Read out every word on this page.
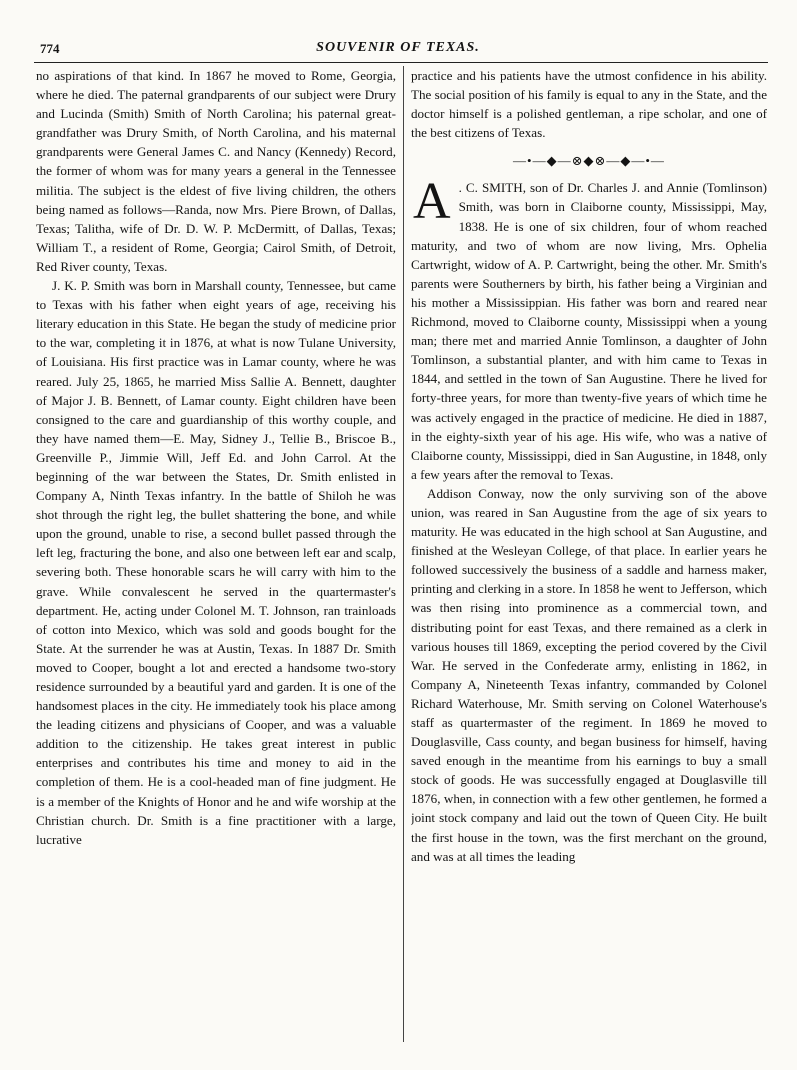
774	SOUVENIR OF TEXAS.

no aspirations of that kind. In 1867 he moved to Rome, Georgia, where he died. The paternal grandparents of our subject were Drury and Lucinda (Smith) Smith of North Carolina; his paternal great-grandfather was Drury Smith, of North Carolina, and his maternal grandparents were General James C. and Nancy (Kennedy) Record, the former of whom was for many years a general in the Tennessee militia. The subject is the eldest of five living children, the others being named as follows—Randa, now Mrs. Piere Brown, of Dallas, Texas; Talitha, wife of Dr. D. W. P. McDermitt, of Dallas, Texas; William T., a resident of Rome, Georgia; Cairol Smith, of Detroit, Red River county, Texas.

J. K. P. Smith was born in Marshall county, Tennessee, but came to Texas with his father when eight years of age, receiving his literary education in this State. He began the study of medicine prior to the war, completing it in 1876, at what is now Tulane University, of Louisiana. His first practice was in Lamar county, where he was reared. July 25, 1865, he married Miss Sallie A. Bennett, daughter of Major J. B. Bennett, of Lamar county. Eight children have been consigned to the care and guardianship of this worthy couple, and they have named them—E. May, Sidney J., Tellie B., Briscoe B., Greenville P., Jimmie Will, Jeff Ed. and John Carrol. At the beginning of the war between the States, Dr. Smith enlisted in Company A, Ninth Texas infantry. In the battle of Shiloh he was shot through the right leg, the bullet shattering the bone, and while upon the ground, unable to rise, a second bullet passed through the left leg, fracturing the bone, and also one between left ear and scalp, severing both. These honorable scars he will carry with him to the grave. While convalescent he served in the quartermaster's department. He, acting under Colonel M. T. Johnson, ran trainloads of cotton into Mexico, which was sold and goods bought for the State. At the surrender he was at Austin, Texas. In 1887 Dr. Smith moved to Cooper, bought a lot and erected a handsome two-story residence surrounded by a beautiful yard and garden. It is one of the handsomest places in the city. He immediately took his place among the leading citizens and physicians of Cooper, and was a valuable addition to the citizenship. He takes great interest in public enterprises and contributes his time and money to aid in the completion of them. He is a cool-headed man of fine judgment. He is a member of the Knights of Honor and he and wife worship at the Christian church. Dr. Smith is a fine practitioner with a large, lucrative

practice and his patients have the utmost confidence in his ability. The social position of his family is equal to any in the State, and the doctor himself is a polished gentleman, a ripe scholar, and one of the best citizens of Texas.

—•—◆—⊗◆⊗—◆—•—

A . C. SMITH, son of Dr. Charles J. and Annie (Tomlinson) Smith, was born in Claiborne county, Mississippi, May, 1838. He is one of six children, four of whom reached maturity, and two of whom are now living, Mrs. Ophelia Cartwright, widow of A. P. Cartwright, being the other. Mr. Smith's parents were Southerners by birth, his father being a Virginian and his mother a Mississippian. His father was born and reared near Richmond, moved to Claiborne county, Mississippi when a young man; there met and married Annie Tomlinson, a daughter of John Tomlinson, a substantial planter, and with him came to Texas in 1844, and settled in the town of San Augustine. There he lived for forty-three years, for more than twenty-five years of which time he was actively engaged in the practice of medicine. He died in 1887, in the eighty-sixth year of his age. His wife, who was a native of Claiborne county, Mississippi, died in San Augustine, in 1848, only a few years after the removal to Texas.

Addison Conway, now the only surviving son of the above union, was reared in San Augustine from the age of six years to maturity. He was educated in the high school at San Augustine, and finished at the Wesleyan College, of that place. In earlier years he followed successively the business of a saddle and harness maker, printing and clerking in a store. In 1858 he went to Jefferson, which was then rising into prominence as a commercial town, and distributing point for east Texas, and there remained as a clerk in various houses till 1869, excepting the period covered by the Civil War. He served in the Confederate army, enlisting in 1862, in Company A, Nineteenth Texas infantry, commanded by Colonel Richard Waterhouse, Mr. Smith serving on Colonel Waterhouse's staff as quartermaster of the regiment. In 1869 he moved to Douglasville, Cass county, and began business for himself, having saved enough in the meantime from his earnings to buy a small stock of goods. He was successfully engaged at Douglasville till 1876, when, in connection with a few other gentlemen, he formed a joint stock company and laid out the town of Queen City. He built the first house in the town, was the first merchant on the ground, and was at all times the leading
